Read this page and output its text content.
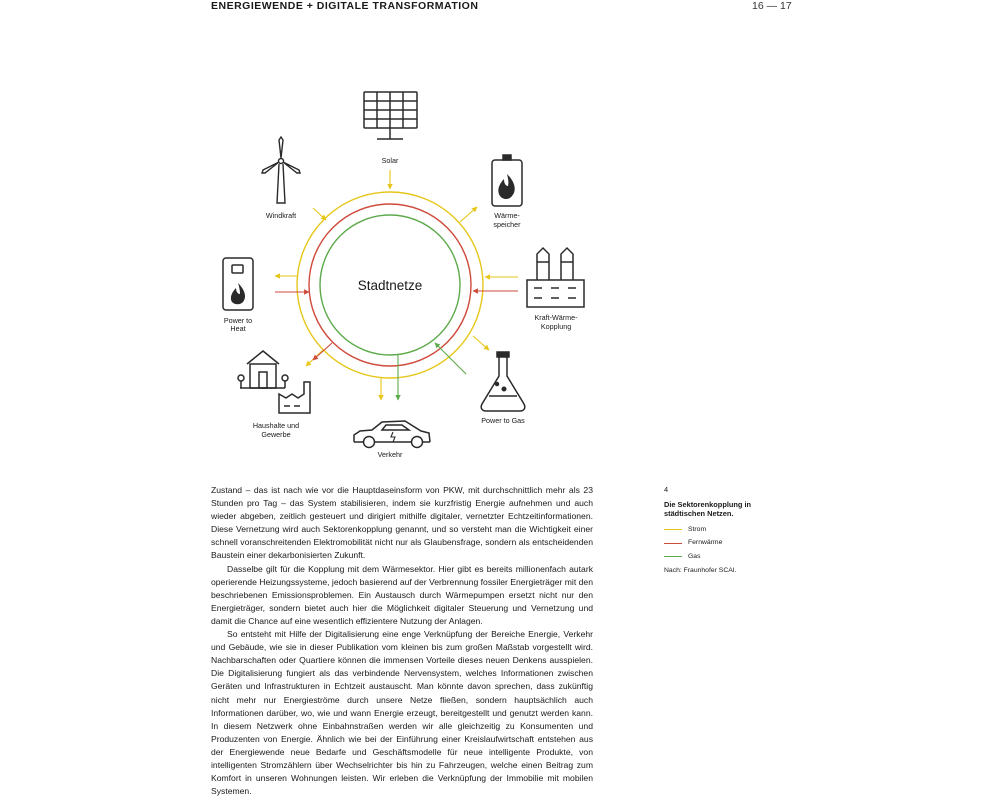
ENERGIEWENDE + DIGITALE TRANSFORMATION	16 — 17
Stadtnetze
Solar
Wärme-
speicher
Kraft-Wärme-
Kopplung
Power to Gas
Verkehr
Haushalte und
Gewerbe
Power to
Heat
Windkraft

Zustand – das ist nach wie vor die Hauptdaseinsform von PKW, mit durchschnittlich mehr als 23 Stunden pro Tag – das System stabilisieren, indem sie kurzfristig Energie aufnehmen und auch wieder abgeben, zeitlich gesteuert und dirigiert mithilfe digitaler, vernetzter Echtzeitinformationen. Diese Vernetzung wird auch Sektorenkopplung genannt, und so versteht man die Wichtigkeit einer schnell voranschreitenden Elektromobilität nicht nur als Glaubensfrage, sondern als entscheidenden Baustein einer dekarbonisierten Zukunft.

Dasselbe gilt für die Kopplung mit dem Wärmesektor. Hier gibt es bereits millionenfach autark operierende Heizungssysteme, jedoch basierend auf der Verbrennung fossiler Energieträger mit den beschriebenen Emissionsproblemen. Ein Austausch durch Wärmepumpen ersetzt nicht nur den Energieträger, sondern bietet auch hier die Möglichkeit digitaler Steuerung und Vernetzung und damit die Chance auf eine wesentlich effizientere Nutzung der Anlagen.

So entsteht mit Hilfe der Digitalisierung eine enge Verknüpfung der Bereiche Energie, Verkehr und Gebäude, wie sie in dieser Publikation vom kleinen bis zum großen Maßstab vorgestellt wird. Nachbarschaften oder Quartiere können die immensen Vorteile dieses neuen Denkens ausspielen. Die Digitalisierung fungiert als das verbindende Nervensystem, welches Informationen zwischen Geräten und Infrastrukturen in Echtzeit austauscht. Man könnte davon sprechen, dass zukünftig nicht mehr nur Energieströme durch unsere Netze fließen, sondern hauptsächlich auch Informationen darüber, wo, wie und wann Energie erzeugt, bereitgestellt und genutzt werden kann. In diesem Netzwerk ohne Einbahnstraßen werden wir alle gleichzeitig zu Konsumenten und Produzenten von Energie. Ähnlich wie bei der Einführung einer Kreislaufwirtschaft entstehen aus der Energiewende neue Bedarfe und Geschäftsmodelle für neue intelligente Produkte, von intelligenten Stromzählern über Wechselrichter bis hin zu Fahrzeugen, welche einen Beitrag zum Komfort in unseren Wohnungen leisten. Wir erleben die Verknüpfung der Immobilie mit mobilen Systemen.

4
Die Sektorenkopplung in städtischen Netzen.
Strom
Fernwärme
Gas
Nach: Fraunhofer SCAI.
